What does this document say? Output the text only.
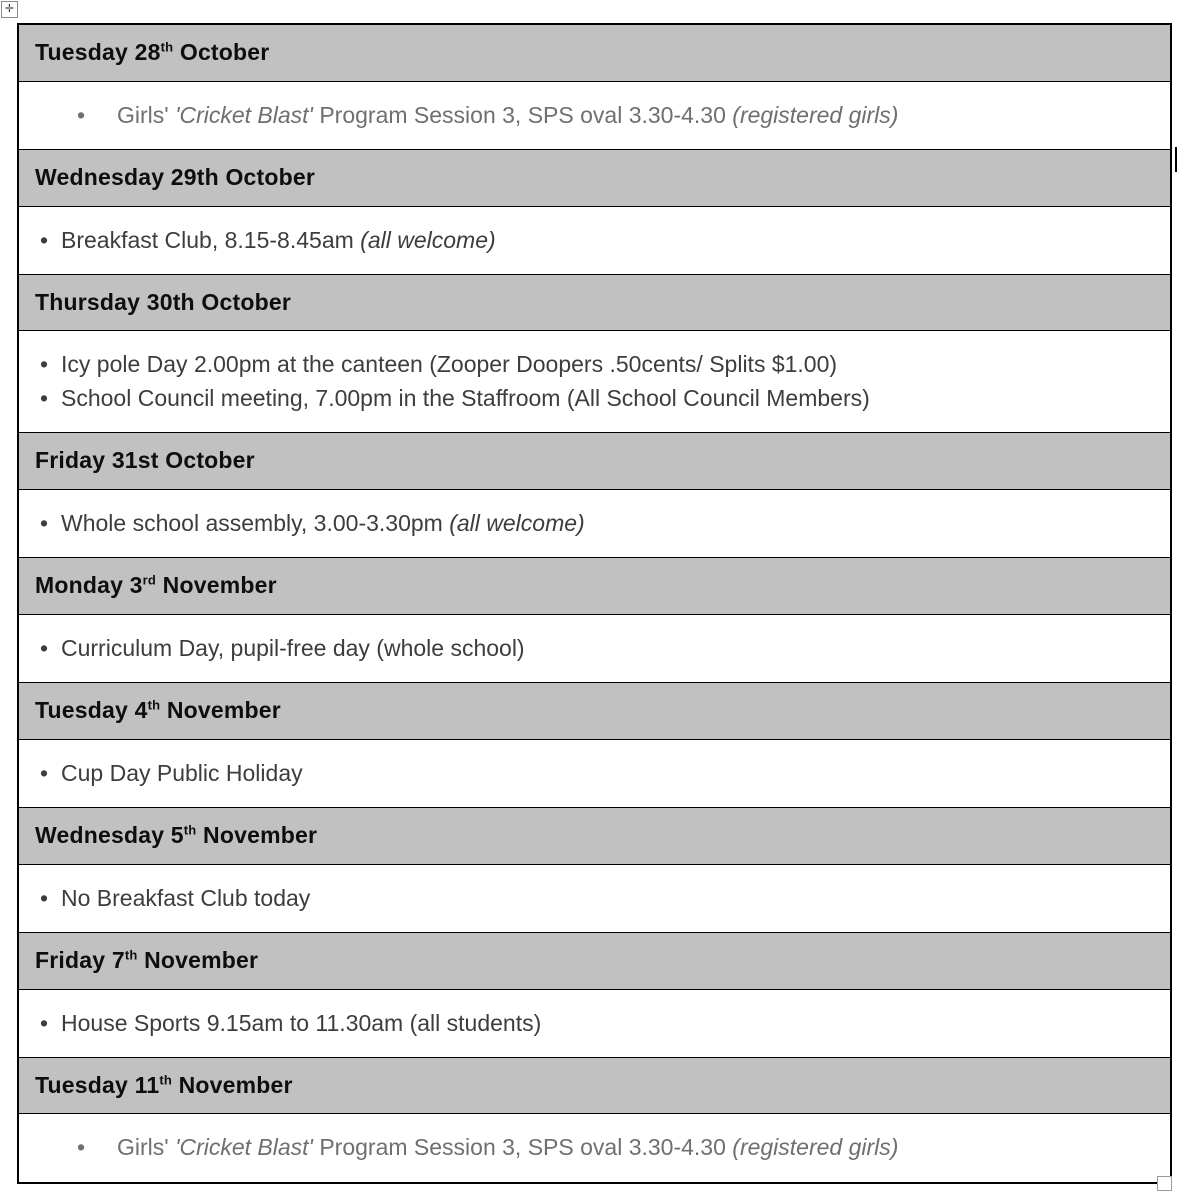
✛
Tuesday 28th October
• Girls' 'Cricket Blast' Program Session 3, SPS oval 3.30-4.30 (registered girls)
Wednesday 29th October
• Breakfast Club, 8.15-8.45am (all welcome)
Thursday 30th October
• Icy pole Day 2.00pm at the canteen (Zooper Doopers .50cents/ Splits $1.00)
• School Council meeting, 7.00pm in the Staffroom (All School Council Members)
Friday 31st October
• Whole school assembly, 3.00-3.30pm (all welcome)
Monday 3rd November
• Curriculum Day, pupil-free day (whole school)
Tuesday 4th November
• Cup Day Public Holiday
Wednesday 5th November
• No Breakfast Club today
Friday 7th November
• House Sports 9.15am to 11.30am (all students)
Tuesday 11th November
• Girls' 'Cricket Blast' Program Session 3, SPS oval 3.30-4.30 (registered girls)
